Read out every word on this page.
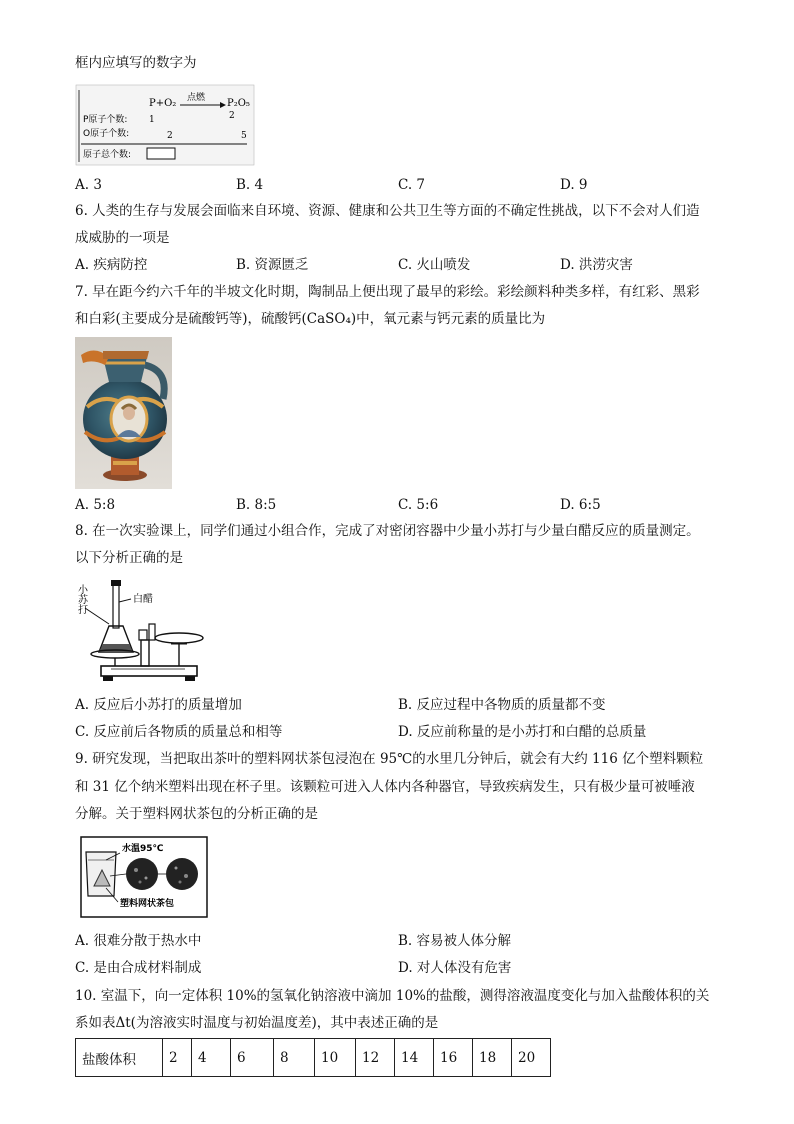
框内应填写的数字为
P+O₂ 点燃 P₂O₅
P原子个数: 1	2
O原子个数:	2	5
原子总个数:
A. 3	B. 4	C. 7	D. 9
6. 人类的生存与发展会面临来自环境、资源、健康和公共卫生等方面的不确定性挑战，以下不会对人们造
成威胁的一项是
A. 疾病防控	B. 资源匮乏	C. 火山喷发	D. 洪涝灾害
7. 早在距今约六千年的半坡文化时期，陶制品上便出现了最早的彩绘。彩绘颜料种类多样，有红彩、黑彩
和白彩(主要成分是硫酸钙等)，硫酸钙(CaSO₄)中，氧元素与钙元素的质量比为
A. 5:8	B. 8:5	C. 5:6	D. 6:5
8. 在一次实验课上，同学们通过小组合作，完成了对密闭容器中少量小苏打与少量白醋反应的质量测定。
以下分析正确的是
小苏打	白醋
A. 反应后小苏打的质量增加	B. 反应过程中各物质的质量都不变
C. 反应前后各物质的质量总和相等	D. 反应前称量的是小苏打和白醋的总质量
9. 研究发现，当把取出茶叶的塑料网状茶包浸泡在 95℃的水里几分钟后，就会有大约 116 亿个塑料颗粒
和 31 亿个纳米塑料出现在杯子里。该颗粒可进入人体内各种器官，导致疾病发生，只有极少量可被唾液
分解。关于塑料网状茶包的分析正确的是
水温95℃
塑料网状茶包
A. 很难分散于热水中	B. 容易被人体分解
C. 是由合成材料制成	D. 对人体没有危害
10. 室温下，向一定体积 10%的氢氧化钠溶液中滴加 10%的盐酸，测得溶液温度变化与加入盐酸体积的关
系如表Δt(为溶液实时温度与初始温度差)，其中表述正确的是
盐酸体积	2	4	6	8	10	12	14	16	18	20
